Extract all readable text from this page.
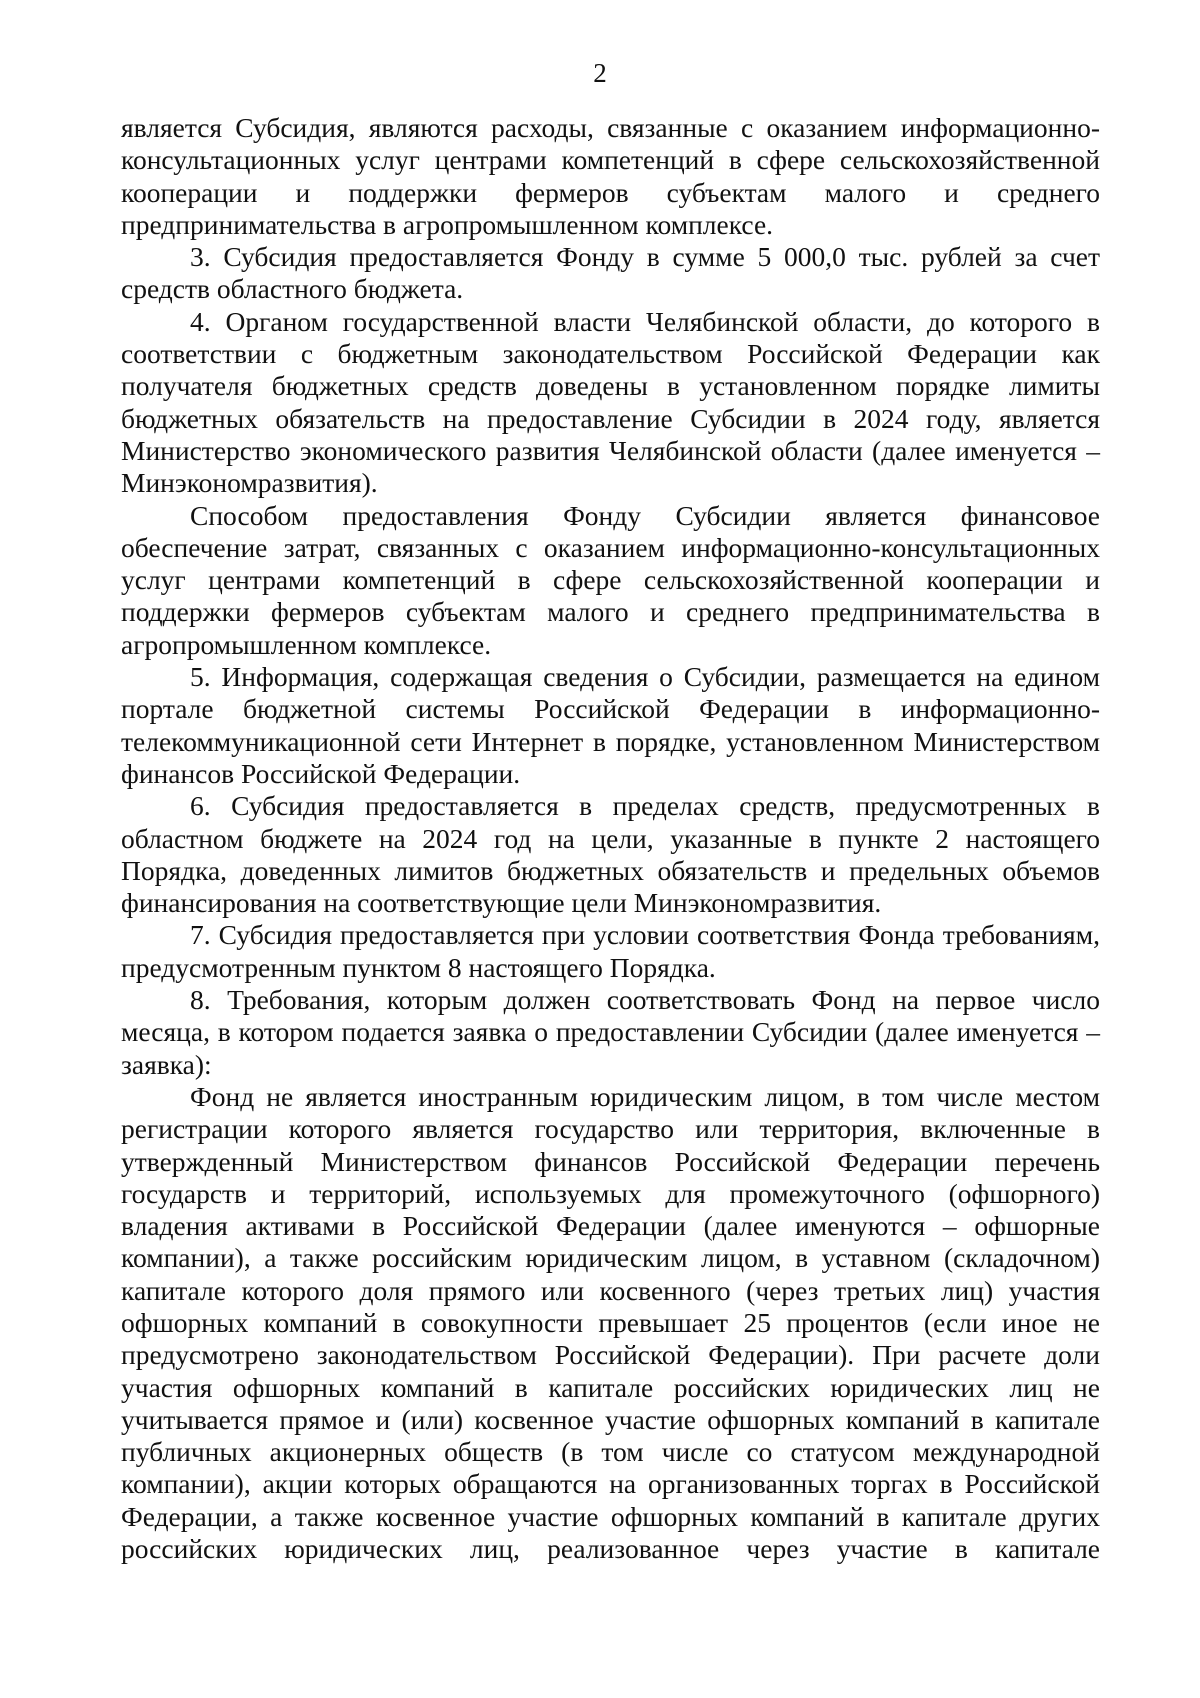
2

является Субсидия, являются расходы, связанные с оказанием информационно-консультационных услуг центрами компетенций в сфере сельскохозяйственной кооперации и поддержки фермеров субъектам малого и среднего предпринимательства в агропромышленном комплексе.

3. Субсидия предоставляется Фонду в сумме 5 000,0 тыс. рублей за счет средств областного бюджета.

4. Органом государственной власти Челябинской области, до которого в соответствии с бюджетным законодательством Российской Федерации как получателя бюджетных средств доведены в установленном порядке лимиты бюджетных обязательств на предоставление Субсидии в 2024 году, является Министерство экономического развития Челябинской области (далее именуется – Минэкономразвития).

Способом предоставления Фонду Субсидии является финансовое обеспечение затрат, связанных с оказанием информационно-консультационных услуг центрами компетенций в сфере сельскохозяйственной кооперации и поддержки фермеров субъектам малого и среднего предпринимательства в агропромышленном комплексе.

5. Информация, содержащая сведения о Субсидии, размещается на едином портале бюджетной системы Российской Федерации в информационно-телекоммуникационной сети Интернет в порядке, установленном Министерством финансов Российской Федерации.

6. Субсидия предоставляется в пределах средств, предусмотренных в областном бюджете на 2024 год на цели, указанные в пункте 2 настоящего Порядка, доведенных лимитов бюджетных обязательств и предельных объемов финансирования на соответствующие цели Минэкономразвития.

7. Субсидия предоставляется при условии соответствия Фонда требованиям, предусмотренным пунктом 8 настоящего Порядка.

8. Требования, которым должен соответствовать Фонд на первое число месяца, в котором подается заявка о предоставлении Субсидии (далее именуется – заявка):

Фонд не является иностранным юридическим лицом, в том числе местом регистрации которого является государство или территория, включенные в утвержденный Министерством финансов Российской Федерации перечень государств и территорий, используемых для промежуточного (офшорного) владения активами в Российской Федерации (далее именуются – офшорные компании), а также российским юридическим лицом, в уставном (складочном) капитале которого доля прямого или косвенного (через третьих лиц) участия офшорных компаний в совокупности превышает 25 процентов (если иное не предусмотрено законодательством Российской Федерации). При расчете доли участия офшорных компаний в капитале российских юридических лиц не учитывается прямое и (или) косвенное участие офшорных компаний в капитале публичных акционерных обществ (в том числе со статусом международной компании), акции которых обращаются на организованных торгах в Российской Федерации, а также косвенное участие офшорных компаний в капитале других российских юридических лиц, реализованное через участие в капитале
